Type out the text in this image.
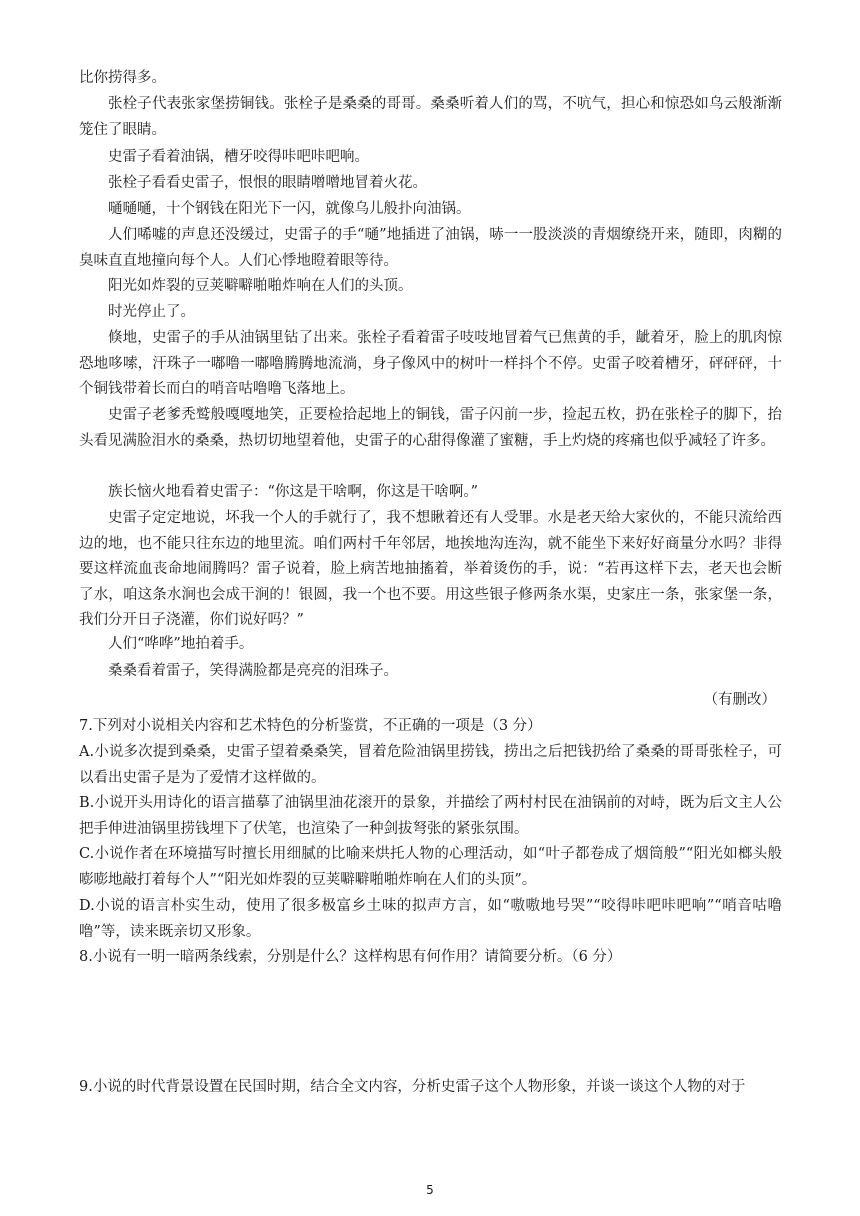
比你捞得多。

张栓子代表张家堡捞铜钱。张栓子是桑桑的哥哥。桑桑听着人们的骂，不吭气，担心和惊恐如乌云般渐渐笼住了眼睛。

史雷子看着油锅，槽牙咬得咔吧咔吧响。

张栓子看看史雷子，恨恨的眼睛噌噌地冒着火花。

嗵嗵嗵，十个钢钱在阳光下一闪，就像乌儿般扑向油锅。

人们唏嘘的声息还没缓过，史雷子的手“嗵”地插进了油锅，哧一一股淡淡的青烟缭绕开来，随即，肉糊的臭味直直地撞向每个人。人们心悸地瞪着眼等待。

阳光如炸裂的豆荚噼噼啪啪炸响在人们的头顶。

时光停止了。

倏地，史雷子的手从油锅里钻了出来。张栓子看着雷子吱吱地冒着气已焦黄的手，龇着牙，脸上的肌肉惊恐地哆嗦，汗珠子一嘟噜一嘟噜腾腾地流淌，身子像风中的树叶一样抖个不停。史雷子咬着槽牙，砰砰砰，十个铜钱带着长而白的哨音咕噜噜飞落地上。

史雷子老爹秃鹫般嘎嘎地笑，正要检拾起地上的铜钱，雷子闪前一步，捡起五枚，扔在张栓子的脚下，抬头看见满脸泪水的桑桑，热切切地望着他，史雷子的心甜得像灌了蜜糖，手上灼烧的疼痛也似乎减轻了许多。

族长恼火地看着史雷子：“你这是干啥啊，你这是干啥啊。”

史雷子定定地说，坏我一个人的手就行了，我不想瞅着还有人受罪。水是老天给大家伙的，不能只流给西边的地，也不能只往东边的地里流。咱们两村千年邻居，地挨地沟连沟，就不能坐下来好好商量分水吗？非得要这样流血丧命地闹腾吗？雷子说着，脸上病苦地抽搐着，举着烫伤的手，说：“若再这样下去，老天也会断了水，咱这条水涧也会成干涧的！银圆，我一个也不要。用这些银子修两条水渠，史家庄一条，张家堡一条，我们分开日子浇灌，你们说好吗？”

人们“哗哗”地拍着手。

桑桑看着雷子，笑得满脸都是亮亮的泪珠子。

（有删改）

7.下列对小说相关内容和艺术特色的分析鉴赏，不正确的一项是（3 分）

A.小说多次提到桑桑，史雷子望着桑桑笑，冒着危险油锅里捞钱，捞出之后把钱扔给了桑桑的哥哥张栓子，可以看出史雷子是为了爱情才这样做的。

B.小说开头用诗化的语言描摹了油锅里油花滚开的景象，并描绘了两村村民在油锅前的对峙，既为后文主人公把手伸进油锅里捞钱埋下了伏笔，也渲染了一种剑拔弩张的紧张氛围。

C.小说作者在环境描写时擅长用细腻的比喻来烘托人物的心理活动，如“叶子都卷成了烟筒般”“阳光如榔头般嘭嘭地敲打着每个人”“阳光如炸裂的豆荚噼噼啪啪炸响在人们的头顶”。

D.小说的语言朴实生动，使用了很多极富乡土味的拟声方言，如“嗷嗷地号哭”“咬得咔吧咔吧响”“哨音咕噜噜”等，读来既亲切又形象。

8.小说有一明一暗两条线索，分别是什么？这样构思有何作用？请简要分析。（6 分）

9.小说的时代背景设置在民国时期，结合全文内容，分析史雷子这个人物形象，并谈一谈这个人物的对于

5
